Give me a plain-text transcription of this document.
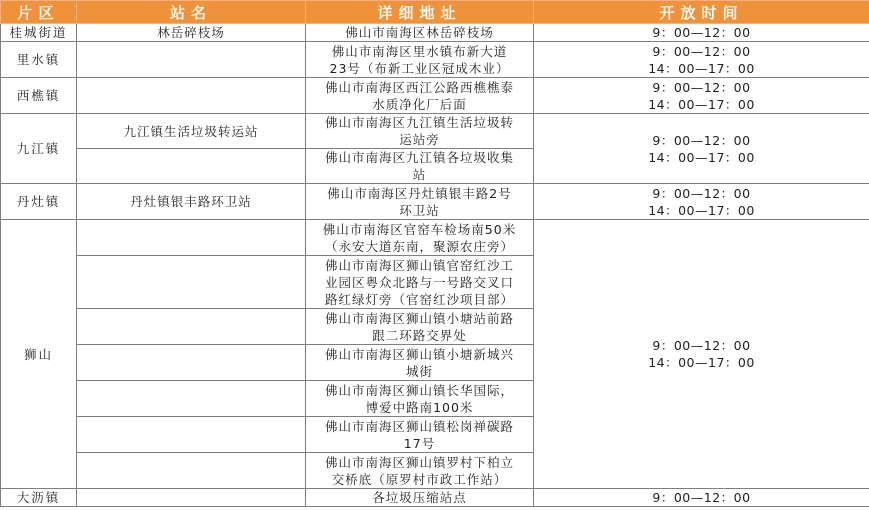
片区	站名	详细地址	开放时间
桂城街道	林岳碎枝场	佛山市南海区林岳碎枝场	9：00—12：00

里水镇		佛山市南海区里水镇布新大道
23号（布新工业区冠成木业）	9：00—12：00
14：00—17：00

西樵镇		佛山市南海区西江公路西樵樵泰
水质净化厂后面	9：00—12：00
14：00—17：00

九江镇	九江镇生活垃圾转运站	佛山市南海区九江镇生活垃圾转
运站旁	9：00—12：00
14：00—17：00

		佛山市南海区九江镇各垃圾收集
站	

丹灶镇	丹灶镇银丰路环卫站	佛山市南海区丹灶镇银丰路2号
环卫站	9：00—12：00
14：00—17：00

狮山		佛山市南海区官窑车检场南50米
（永安大道东南，聚源农庄旁）	9：00—12：00
14：00—17：00

		佛山市南海区狮山镇官窑红沙工
业园区粤众北路与一号路交叉口
路红绿灯旁（官窑红沙项目部）	

		佛山市南海区狮山镇小塘站前路
跟二环路交界处	

		佛山市南海区狮山镇小塘新城兴
城街	

		佛山市南海区狮山镇长华国际，
博爱中路南100米	

		佛山市南海区狮山镇松岗禅碳路
17号	

		佛山市南海区狮山镇罗村下柏立
交桥底（原罗村市政工作站）	

大沥镇		各垃圾压缩站点	9：00—12：00
